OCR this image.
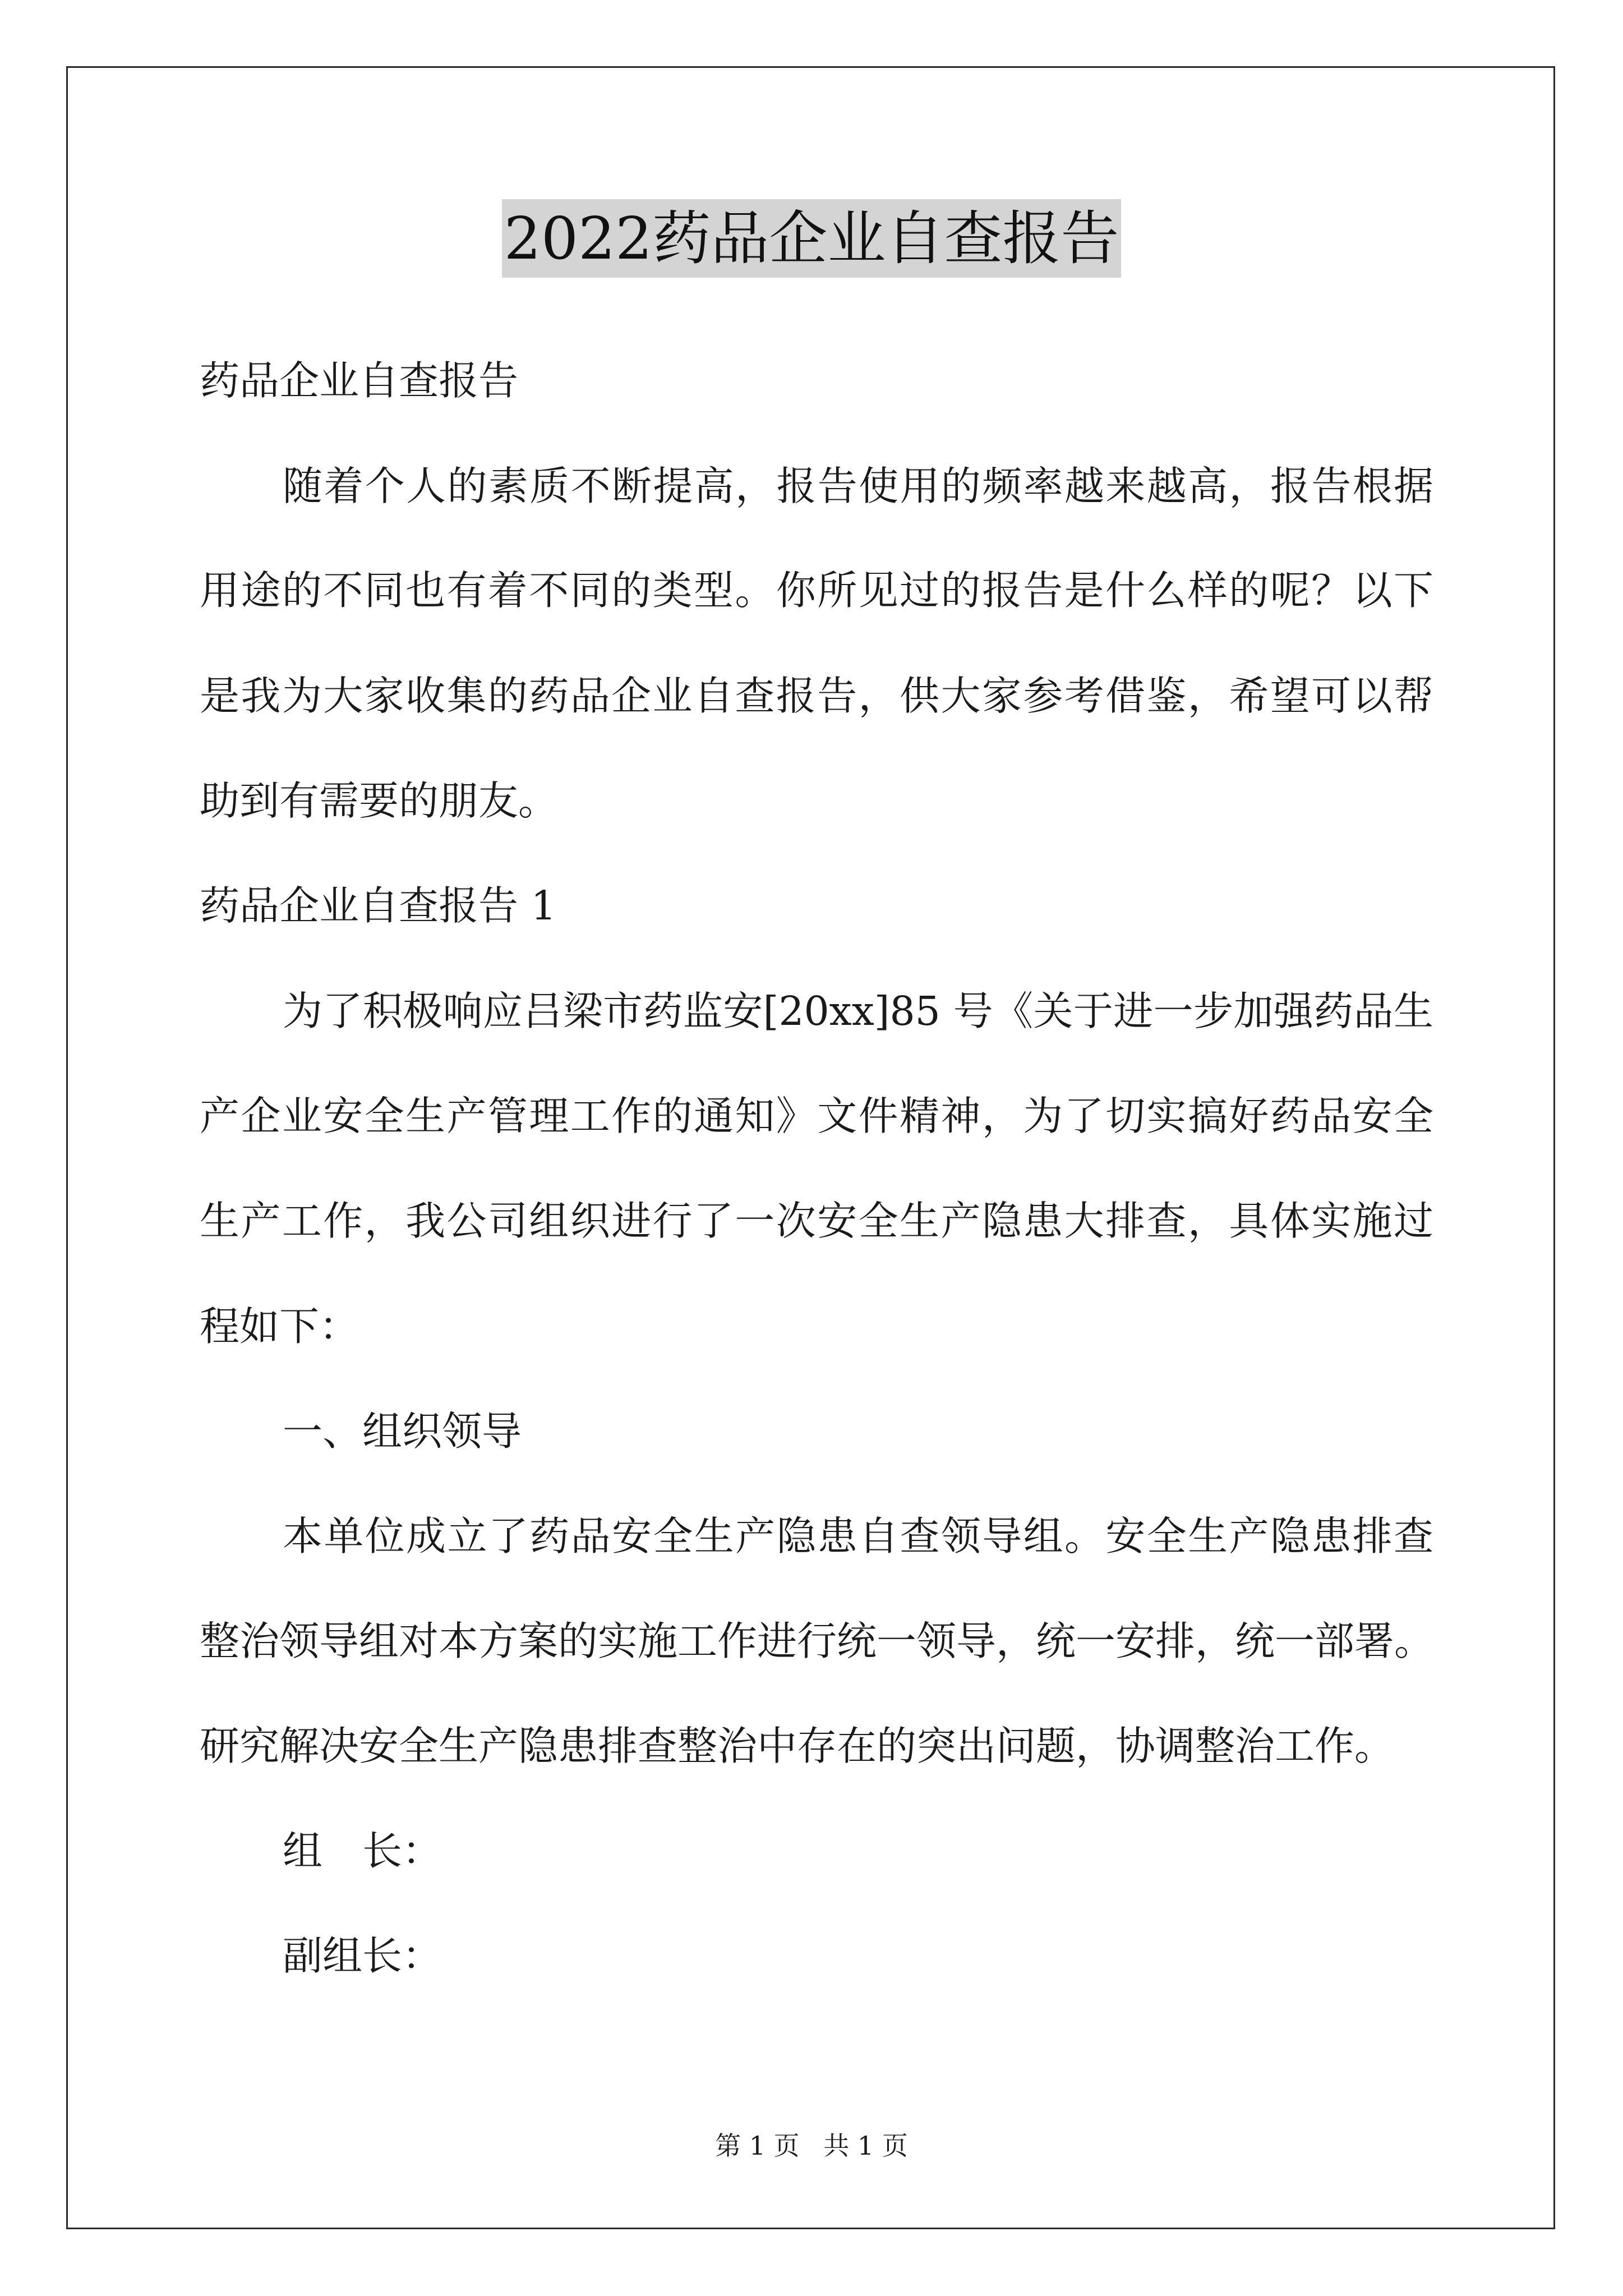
2022药品企业自查报告
药品企业自查报告
随着个人的素质不断提高，报告使用的频率越来越高，报告根据
用途的不同也有着不同的类型。你所见过的报告是什么样的呢？以下
是我为大家收集的药品企业自查报告，供大家参考借鉴，希望可以帮
助到有需要的朋友。
药品企业自查报告 1
为了积极响应吕梁市药监安[20xx]85 号《关于进一步加强药品生
产企业安全生产管理工作的通知》文件精神，为了切实搞好药品安全
生产工作，我公司组织进行了一次安全生产隐患大排查，具体实施过
程如下：
一、组织领导
本单位成立了药品安全生产隐患自查领导组。安全生产隐患排查
整治领导组对本方案的实施工作进行统一领导，统一安排，统一部署。
研究解决安全生产隐患排查整治中存在的突出问题，协调整治工作。
组　长：
副组长：
第 1 页 共 1 页
